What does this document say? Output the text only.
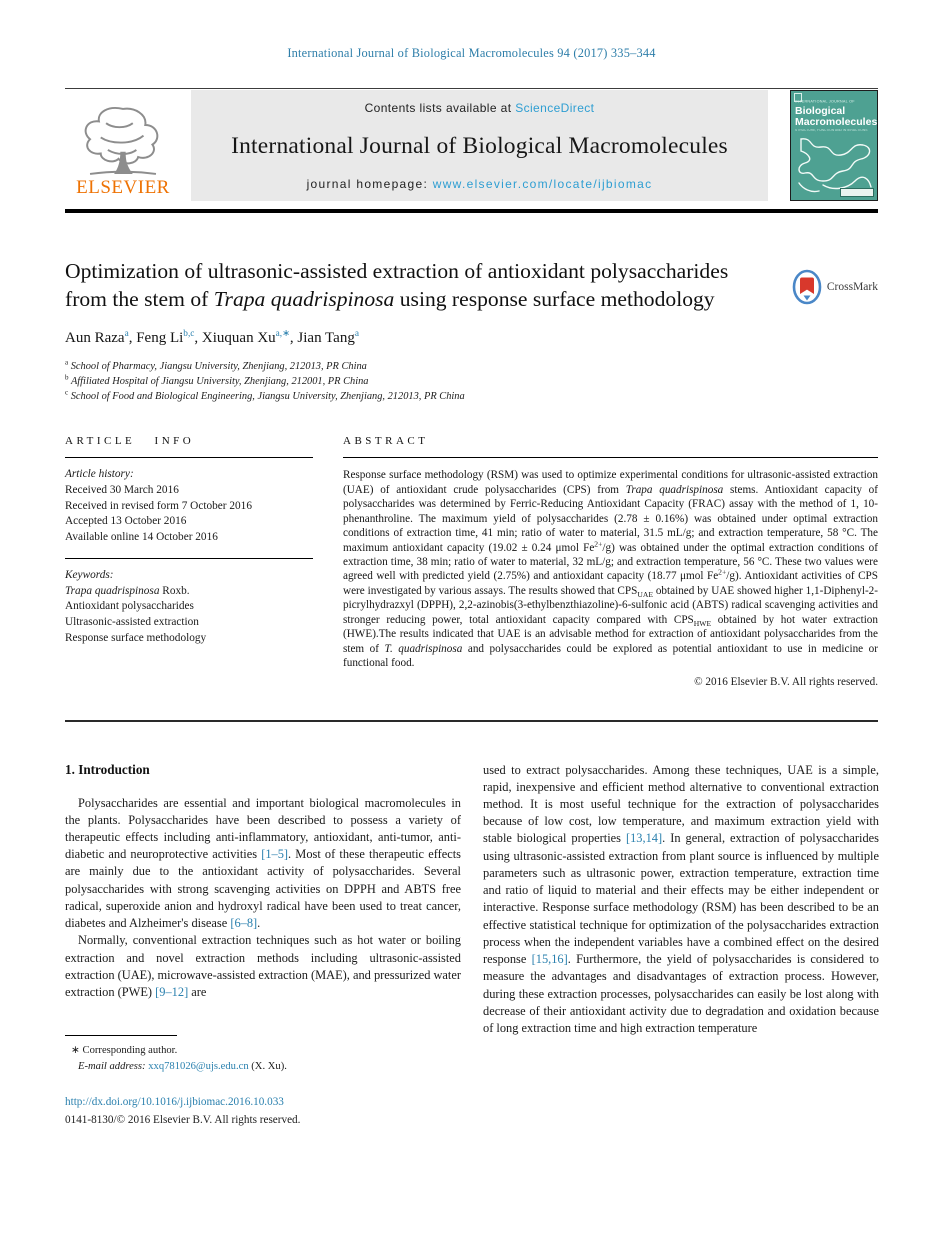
International Journal of Biological Macromolecules 94 (2017) 335–344
ELSEVIER
Contents lists available at ScienceDirect
International Journal of Biological Macromolecules
journal homepage: www.elsevier.com/locate/ijbiomac
INTERNATIONAL JOURNAL OF
Biological
Macromolecules
STRUCTURE, FUNCTION AND INTERACTIONS
Optimization of ultrasonic-assisted extraction of antioxidant polysaccharides from the stem of Trapa quadrispinosa using response surface methodology
CrossMark
Aun Raza$^a$, Feng Li$^{b,c}$, Xiuquan $Xu^{a,∗}$, Jian Tang$^a$
$^a$ School of Pharmacy, Jiangsu University, Zhenjiang, 212013, PR China
$^b$ Affiliated Hospital of Jiangsu University, Zhenjiang, 212001, PR China
$^c$ School of Food and Biological Engineering, Jiangsu University, Zhenjiang, 212013, PR China
ARTICLE INFO
Article history:
Received 30 March 2016
Received in revised form 7 October 2016
Accepted 13 October 2016
Available online 14 October 2016
Keywords:
Trapa quadrispinosa Roxb.
Antioxidant polysaccharides
Ultrasonic-assisted extraction
Response surface methodology
ABSTRACT

Response surface methodology (RSM) was used to optimize experimental conditions for ultrasonic-assisted extraction (UAE) of antioxidant crude polysaccharides (CPS) from Trapa quadrispinosa stems. Antioxidant capacity of polysaccharides was determined by Ferric-Reducing Antioxidant Capacity (FRAC) assay with the method of 1, 10-phenanthroline. The maximum yield of polysaccharides (2.78 ± 0.16%) was obtained under optimal extraction conditions of extraction time, 41 min; ratio of water to material, 31.5 mL/g; and extraction temperature, 58 °C. The maximum antioxidant capacity (19.02 ± 0.24 μmol $Fe^{2+}/g$) was obtained under the optimal extraction conditions of extraction time, 38 min; ratio of water to material, 32 mL/g; and extraction temperature, 56 °C. These two values were agreed well with predicted yield (2.75%) and antioxidant capacity (18.77 μmol $Fe^{2+}/g$). Antioxidant activities of CPS were investigated by various assays. The results showed that $CPS_{UAE}$ obtained by UAE showed higher 1,1-Diphenyl-2-picrylhydrazxyl (DPPH), 2,2-azinobis(3-ethylbenzthiazoline)-6-sulfonic acid (ABTS) radical scavenging activities and stronger reducing power, total antioxidant capacity compared with $CPS_{HWE}$ obtained by hot water extraction (HWE).The results indicated that UAE is an advisable method for extraction of antioxidant polysaccharides from the stem of T. quadrispinosa and polysaccharides could be explored as potential antioxidant to use in medicine or functional food.

© 2016 Elsevier B.V. All rights reserved.
1. Introduction

Polysaccharides are essential and important biological macromolecules in the plants. Polysaccharides have been described to possess a variety of therapeutic effects including anti-inflammatory, antioxidant, anti-tumor, anti-diabetic and neuroprotective activities [1–5]. Most of these therapeutic effects are mainly due to the antioxidant activity of polysaccharides. Several polysaccharides with strong scavenging activities on DPPH and ABTS free radical, superoxide anion and hydroxyl radical have been used to treat cancer, diabetes and Alzheimer's disease [6–8].

Normally, conventional extraction techniques such as hot water or boiling extraction and novel extraction methods including ultrasonic-assisted extraction (UAE), microwave-assisted extraction (MAE), and pressurized water extraction (PWE) [9–12] are

∗ Corresponding author.
E-mail address: xxq781026@ujs.edu.cn (X. Xu).
http://dx.doi.org/10.1016/j.ijbiomac.2016.10.033
0141-8130/© 2016 Elsevier B.V. All rights reserved.

used to extract polysaccharides. Among these techniques, UAE is a simple, rapid, inexpensive and efficient method alternative to conventional extraction method. It is most useful technique for the extraction of polysaccharides because of low cost, low temperature, and maximum extraction yield with stable biological properties [13,14]. In general, extraction of polysaccharides using ultrasonic-assisted extraction from plant source is influenced by multiple parameters such as ultrasonic power, extraction temperature, extraction time and ratio of liquid to material and their effects may be either independent or interactive. Response surface methodology (RSM) has been described to be an effective statistical technique for optimization of the polysaccharides extraction process when the independent variables have a combined effect on the desired response [15,16]. Furthermore, the yield of polysaccharides is considered to measure the advantages and disadvantages of extraction process. However, during these extraction processes, polysaccharides can easily be lost along with decrease of their antioxidant activity due to degradation and oxidation because of long extraction time and high extraction temperature
